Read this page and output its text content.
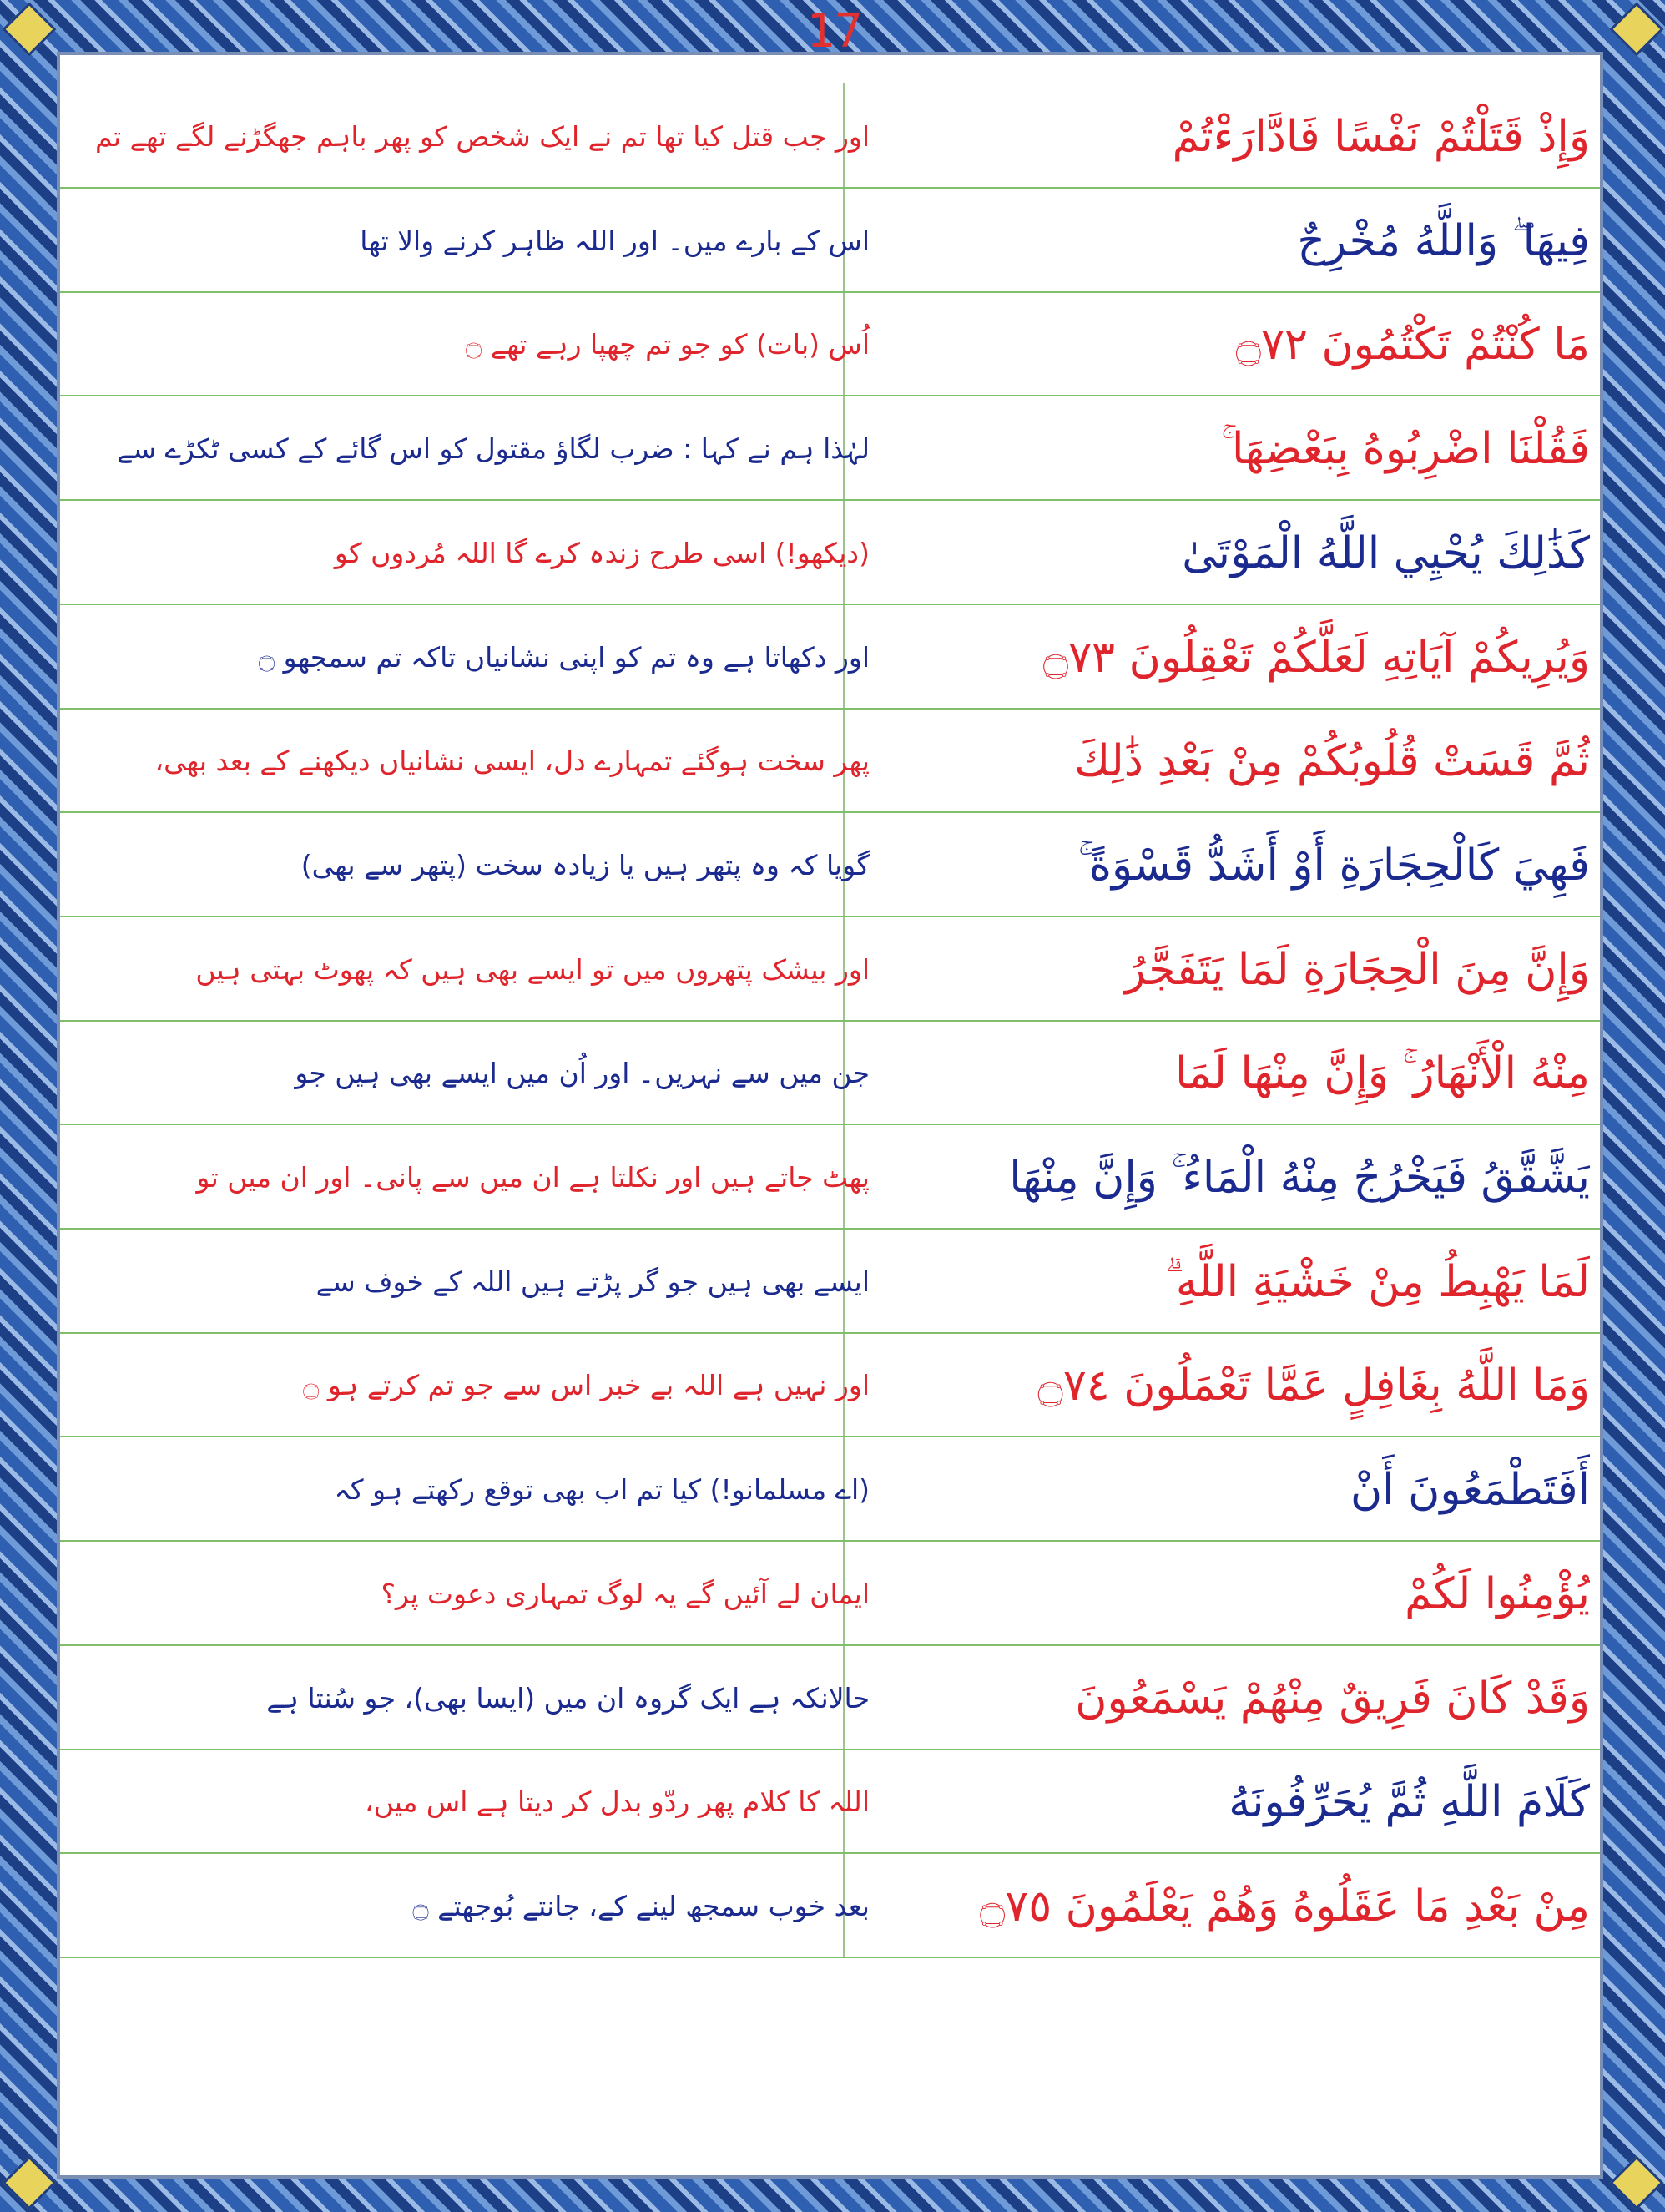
17
وَإِذْ قَتَلْتُمْ نَفْسًا فَادَّارَءْتُمْ
اور جب قتل کیا تھا تم نے ایک شخص کو پھر باہم جھگڑنے لگے تھے تم
فِيهَا ۖ وَاللَّهُ مُخْرِجٌ
اس کے بارے میں۔ اور اللہ ظاہر کرنے والا تھا
مَا كُنْتُمْ تَكْتُمُونَ ۝٧٢
اُس (بات) کو جو تم چھپا رہے تھے ۝
فَقُلْنَا اضْرِبُوهُ بِبَعْضِهَا ۚ
لہٰذا ہم نے کہا : ضرب لگاؤ مقتول کو اس گائے کے کسی ٹکڑے سے
كَذَٰلِكَ يُحْيِي اللَّهُ الْمَوْتَىٰ
(دیکھو!) اسی طرح زندہ کرے گا اللہ مُردوں کو
وَيُرِيكُمْ آيَاتِهِ لَعَلَّكُمْ تَعْقِلُونَ ۝٧٣
اور دکھاتا ہے وہ تم کو اپنی نشانیاں تاکہ تم سمجھو ۝
ثُمَّ قَسَتْ قُلُوبُكُمْ مِنْ بَعْدِ ذَٰلِكَ
پھر سخت ہوگئے تمہارے دل، ایسی نشانیاں دیکھنے کے بعد بھی،
فَهِيَ كَالْحِجَارَةِ أَوْ أَشَدُّ قَسْوَةً ۚ
گویا کہ وہ پتھر ہیں یا زیادہ سخت (پتھر سے بھی)
وَإِنَّ مِنَ الْحِجَارَةِ لَمَا يَتَفَجَّرُ
اور بیشک پتھروں میں تو ایسے بھی ہیں کہ پھوٹ بہتی ہیں
مِنْهُ الْأَنْهَارُ ۚ وَإِنَّ مِنْهَا لَمَا
جن میں سے نہریں۔ اور اُن میں ایسے بھی ہیں جو
يَشَّقَّقُ فَيَخْرُجُ مِنْهُ الْمَاءُ ۚ وَإِنَّ مِنْهَا
پھٹ جاتے ہیں اور نکلتا ہے ان میں سے پانی۔ اور ان میں تو
لَمَا يَهْبِطُ مِنْ خَشْيَةِ اللَّهِ ۗ
ایسے بھی ہیں جو گر پڑتے ہیں اللہ کے خوف سے
وَمَا اللَّهُ بِغَافِلٍ عَمَّا تَعْمَلُونَ ۝٧٤
اور نہیں ہے اللہ بے خبر اس سے جو تم کرتے ہو ۝
أَفَتَطْمَعُونَ أَنْ
(اے مسلمانو!) کیا تم اب بھی توقع رکھتے ہو کہ
يُؤْمِنُوا لَكُمْ
ایمان لے آئیں گے یہ لوگ تمہاری دعوت پر؟
وَقَدْ كَانَ فَرِيقٌ مِنْهُمْ يَسْمَعُونَ
حالانکہ ہے ایک گروہ ان میں (ایسا بھی)، جو سُنتا ہے
كَلَامَ اللَّهِ ثُمَّ يُحَرِّفُونَهُ
اللہ کا کلام پھر ردّو بدل کر دیتا ہے اس میں،
مِنْ بَعْدِ مَا عَقَلُوهُ وَهُمْ يَعْلَمُونَ ۝٧٥
بعد خوب سمجھ لینے کے، جانتے بُوجھتے ۝
